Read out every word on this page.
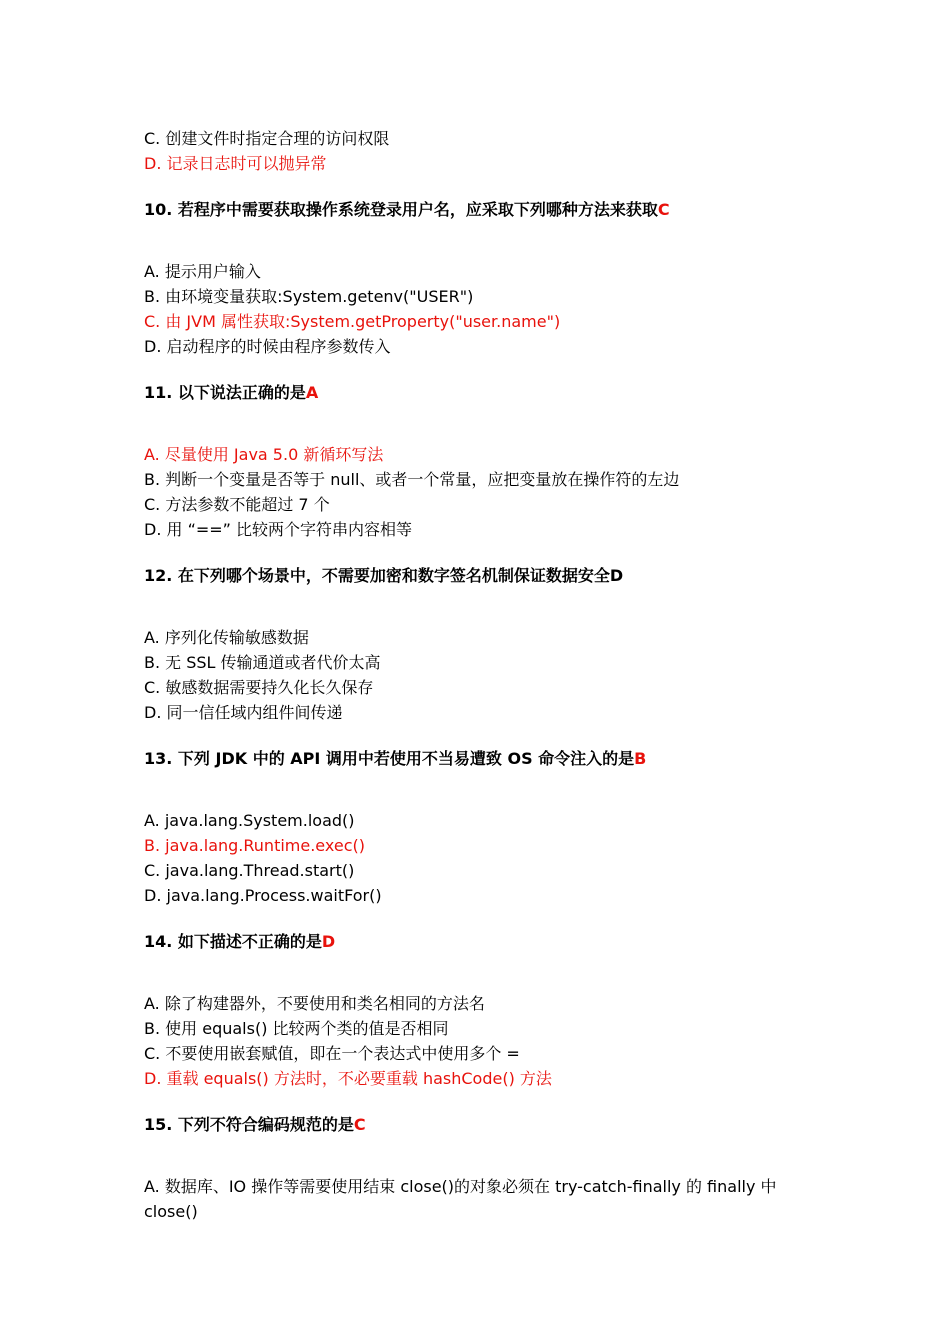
C. 创建文件时指定合理的访问权限
D. 记录日志时可以抛异常
10. 若程序中需要获取操作系统登录用户名，应采取下列哪种方法来获取C
A. 提示用户输入
B. 由环境变量获取:System.getenv("USER")
C. 由 JVM 属性获取:System.getProperty("user.name")
D. 启动程序的时候由程序参数传入
11. 以下说法正确的是A
A. 尽量使用 Java 5.0 新循环写法
B. 判断一个变量是否等于 null、或者一个常量，应把变量放在操作符的左边
C. 方法参数不能超过 7 个
D. 用 “==” 比较两个字符串内容相等
12. 在下列哪个场景中，不需要加密和数字签名机制保证数据安全D
A. 序列化传输敏感数据
B. 无 SSL 传输通道或者代价太高
C. 敏感数据需要持久化长久保存
D. 同一信任域内组件间传递
13. 下列 JDK 中的 API 调用中若使用不当易遭致 OS 命令注入的是B
A. java.lang.System.load()
B. java.lang.Runtime.exec()
C. java.lang.Thread.start()
D. java.lang.Process.waitFor()
14. 如下描述不正确的是D
A. 除了构建器外，不要使用和类名相同的方法名
B. 使用 equals() 比较两个类的值是否相同
C. 不要使用嵌套赋值，即在一个表达式中使用多个 =
D. 重载 equals() 方法时，不必要重载 hashCode() 方法
15. 下列不符合编码规范的是C
A. 数据库、IO 操作等需要使用结束 close()的对象必须在 try-catch-finally 的 finally 中 close()
